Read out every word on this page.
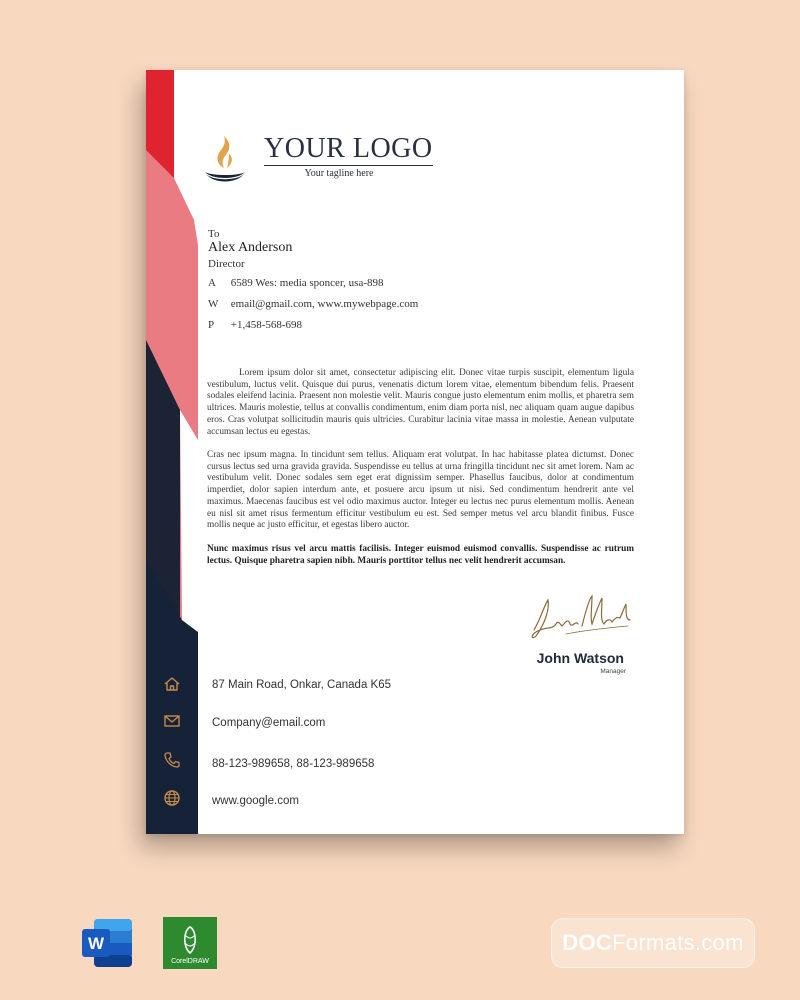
YOUR LOGO
Your tagline here
To
Alex Anderson
Director
A 6589 Wes: media sponcer, usa-898
W email@gmail.com, www.mywebpage.com
P +1,458-568-698

Lorem ipsum dolor sit amet, consectetur adipiscing elit. Donec vitae turpis suscipit, elementum ligula vestibulum, luctus velit. Quisque dui purus, venenatis dictum lorem vitae, elementum bibendum felis. Praesent sodales eleifend lacinia. Praesent non molestie velit. Mauris congue justo elementum enim mollis, et pharetra sem ultrices. Mauris molestie, tellus at convallis condimentum, enim diam porta nisl, nec aliquam quam augue dapibus eros. Cras volutpat sollicitudin mauris quis ultricies. Curabitur lacinia vitae massa in molestie. Aenean vulputate accumsan lectus eu egestas.

Cras nec ipsum magna. In tincidunt sem tellus. Aliquam erat volutpat. In hac habitasse platea dictumst. Donec cursus lectus sed urna gravida gravida. Suspendisse eu tellus at urna fringilla tincidunt nec sit amet lorem. Nam ac vestibulum velit. Donec sodales sem eget erat dignissim semper. Phasellus faucibus, dolor at condimentum imperdiet, dolor sapien interdum ante, et posuere arcu ipsum ut nisi. Sed condimentum hendrerit ante vel maximus. Maecenas faucibus est vel odio maximus auctor. Integer eu lectus nec purus elementum mollis. Aenean eu nisl sit amet risus fermentum efficitur vestibulum eu est. Sed semper metus vel arcu blandit finibus. Fusce mollis neque ac justo efficitur, et egestas libero auctor.

Nunc maximus risus vel arcu mattis facilisis. Integer euismod euismod convallis. Suspendisse ac rutrum lectus. Quisque pharetra sapien nibh. Mauris porttitor tellus nec velit hendrerit accumsan.

John Watson
Manager
87 Main Road, Onkar, Canada K65
Company@email.com
88-123-989658, 88-123-989658
www.google.com
W
CorelDRAW
DOC Formats.com
